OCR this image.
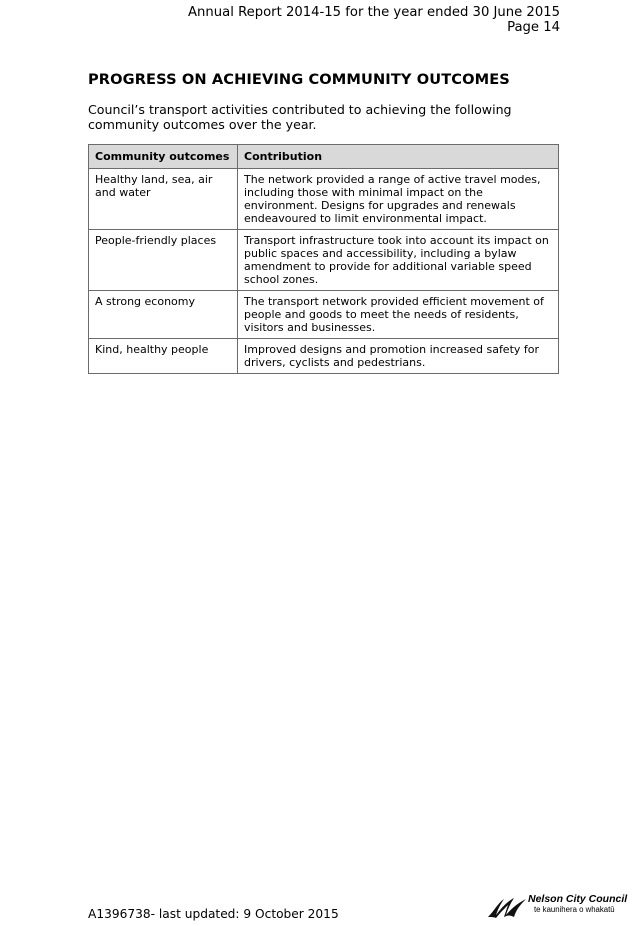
Annual Report 2014-15 for the year ended 30 June 2015
Page 14
PROGRESS ON ACHIEVING COMMUNITY OUTCOMES

Council’s transport activities contributed to achieving the following community outcomes over the year.

Community outcomes	Contribution
Healthy land, sea, air and water	The network provided a range of active travel modes, including those with minimal impact on the environment. Designs for upgrades and renewals endeavoured to limit environmental impact.
People-friendly places	Transport infrastructure took into account its impact on public spaces and accessibility, including a bylaw amendment to provide for additional variable speed school zones.
A strong economy	The transport network provided efficient movement of people and goods to meet the needs of residents, visitors and businesses.
Kind, healthy people	Improved designs and promotion increased safety for drivers, cyclists and pedestrians.
A1396738- last updated: 9 October 2015
Nelson City Council
te kaunihera o whakatū
